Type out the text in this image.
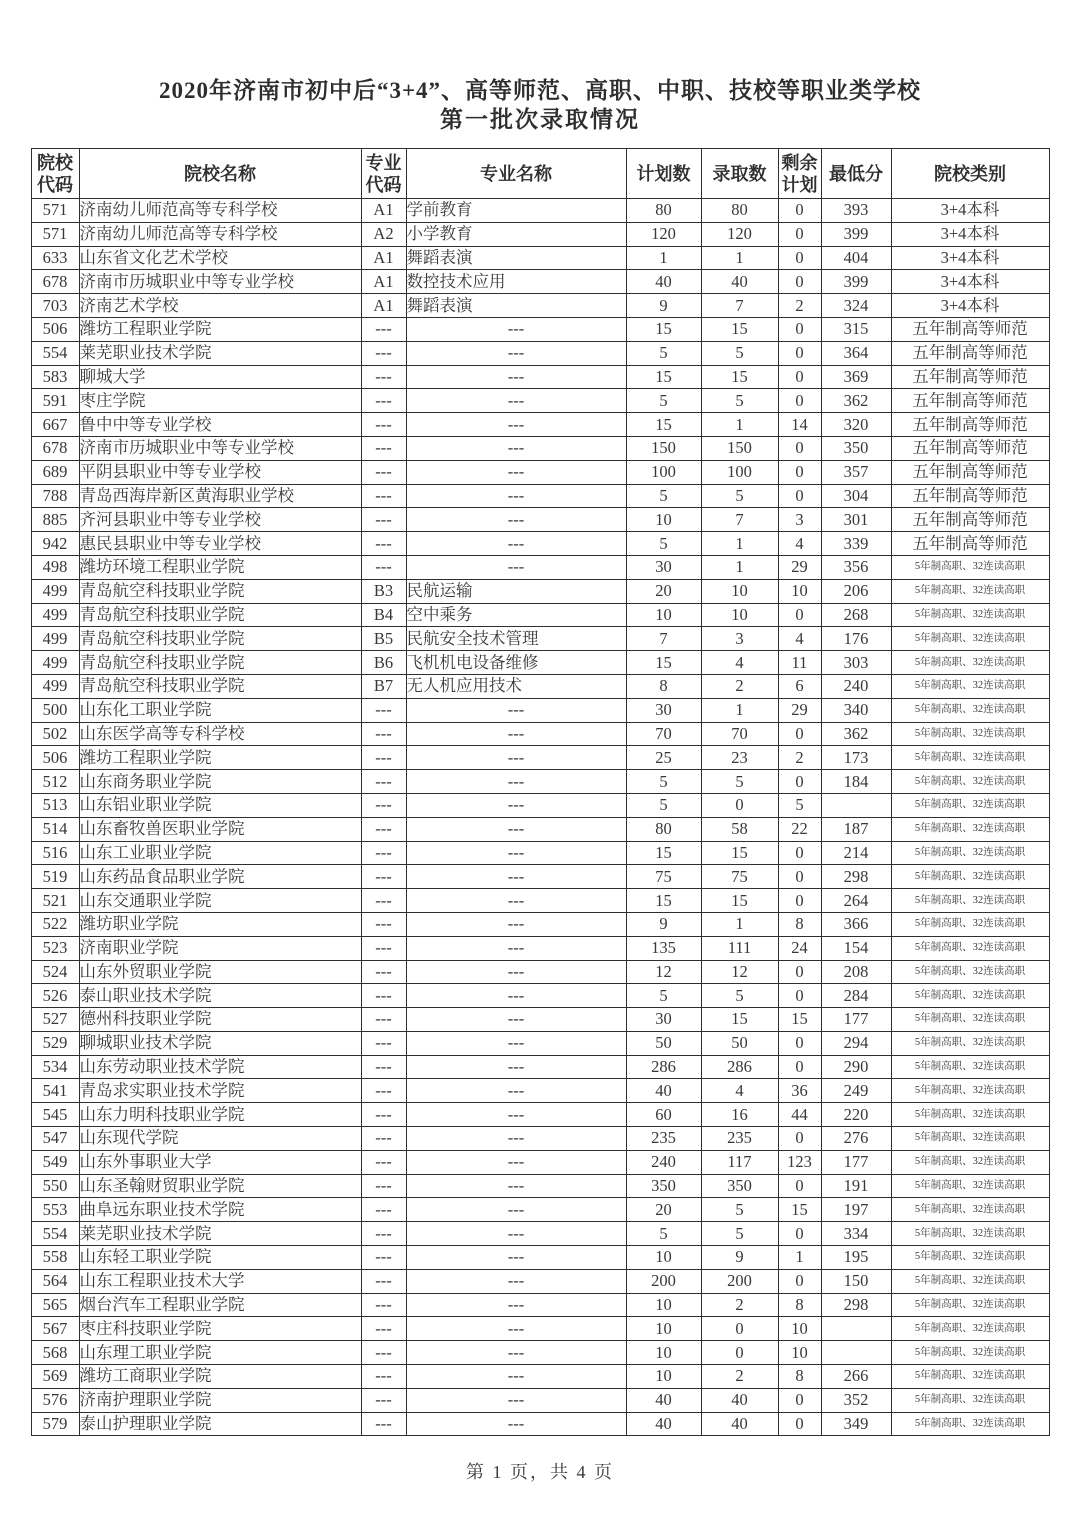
2020年济南市初中后“3+4”、高等师范、高职、中职、技校等职业类学校
第一批次录取情况
院校代码	院校名称	专业代码	专业名称	计划数	录取数	剩余计划	最低分	院校类别
571	济南幼儿师范高等专科学校	A1	学前教育	80	80	0	393	3+4本科
571	济南幼儿师范高等专科学校	A2	小学教育	120	120	0	399	3+4本科
633	山东省文化艺术学校	A1	舞蹈表演	1	1	0	404	3+4本科
678	济南市历城职业中等专业学校	A1	数控技术应用	40	40	0	399	3+4本科
703	济南艺术学校	A1	舞蹈表演	9	7	2	324	3+4本科
506	潍坊工程职业学院	---	---	15	15	0	315	五年制高等师范
554	莱芜职业技术学院	---	---	5	5	0	364	五年制高等师范
583	聊城大学	---	---	15	15	0	369	五年制高等师范
591	枣庄学院	---	---	5	5	0	362	五年制高等师范
667	鲁中中等专业学校	---	---	15	1	14	320	五年制高等师范
678	济南市历城职业中等专业学校	---	---	150	150	0	350	五年制高等师范
689	平阴县职业中等专业学校	---	---	100	100	0	357	五年制高等师范
788	青岛西海岸新区黄海职业学校	---	---	5	5	0	304	五年制高等师范
885	齐河县职业中等专业学校	---	---	10	7	3	301	五年制高等师范
942	惠民县职业中等专业学校	---	---	5	1	4	339	五年制高等师范
498	潍坊环境工程职业学院	---	---	30	1	29	356	5年制高职、32连读高职
499	青岛航空科技职业学院	B3	民航运输	20	10	10	206	5年制高职、32连读高职
499	青岛航空科技职业学院	B4	空中乘务	10	10	0	268	5年制高职、32连读高职
499	青岛航空科技职业学院	B5	民航安全技术管理	7	3	4	176	5年制高职、32连读高职
499	青岛航空科技职业学院	B6	飞机机电设备维修	15	4	11	303	5年制高职、32连读高职
499	青岛航空科技职业学院	B7	无人机应用技术	8	2	6	240	5年制高职、32连读高职
500	山东化工职业学院	---	---	30	1	29	340	5年制高职、32连读高职
502	山东医学高等专科学校	---	---	70	70	0	362	5年制高职、32连读高职
506	潍坊工程职业学院	---	---	25	23	2	173	5年制高职、32连读高职
512	山东商务职业学院	---	---	5	5	0	184	5年制高职、32连读高职
513	山东铝业职业学院	---	---	5	0	5		5年制高职、32连读高职
514	山东畜牧兽医职业学院	---	---	80	58	22	187	5年制高职、32连读高职
516	山东工业职业学院	---	---	15	15	0	214	5年制高职、32连读高职
519	山东药品食品职业学院	---	---	75	75	0	298	5年制高职、32连读高职
521	山东交通职业学院	---	---	15	15	0	264	5年制高职、32连读高职
522	潍坊职业学院	---	---	9	1	8	366	5年制高职、32连读高职
523	济南职业学院	---	---	135	111	24	154	5年制高职、32连读高职
524	山东外贸职业学院	---	---	12	12	0	208	5年制高职、32连读高职
526	泰山职业技术学院	---	---	5	5	0	284	5年制高职、32连读高职
527	德州科技职业学院	---	---	30	15	15	177	5年制高职、32连读高职
529	聊城职业技术学院	---	---	50	50	0	294	5年制高职、32连读高职
534	山东劳动职业技术学院	---	---	286	286	0	290	5年制高职、32连读高职
541	青岛求实职业技术学院	---	---	40	4	36	249	5年制高职、32连读高职
545	山东力明科技职业学院	---	---	60	16	44	220	5年制高职、32连读高职
547	山东现代学院	---	---	235	235	0	276	5年制高职、32连读高职
549	山东外事职业大学	---	---	240	117	123	177	5年制高职、32连读高职
550	山东圣翰财贸职业学院	---	---	350	350	0	191	5年制高职、32连读高职
553	曲阜远东职业技术学院	---	---	20	5	15	197	5年制高职、32连读高职
554	莱芜职业技术学院	---	---	5	5	0	334	5年制高职、32连读高职
558	山东轻工职业学院	---	---	10	9	1	195	5年制高职、32连读高职
564	山东工程职业技术大学	---	---	200	200	0	150	5年制高职、32连读高职
565	烟台汽车工程职业学院	---	---	10	2	8	298	5年制高职、32连读高职
567	枣庄科技职业学院	---	---	10	0	10		5年制高职、32连读高职
568	山东理工职业学院	---	---	10	0	10		5年制高职、32连读高职
569	潍坊工商职业学院	---	---	10	2	8	266	5年制高职、32连读高职
576	济南护理职业学院	---	---	40	40	0	352	5年制高职、32连读高职
579	泰山护理职业学院	---	---	40	40	0	349	5年制高职、32连读高职
第 1 页，共 4 页
